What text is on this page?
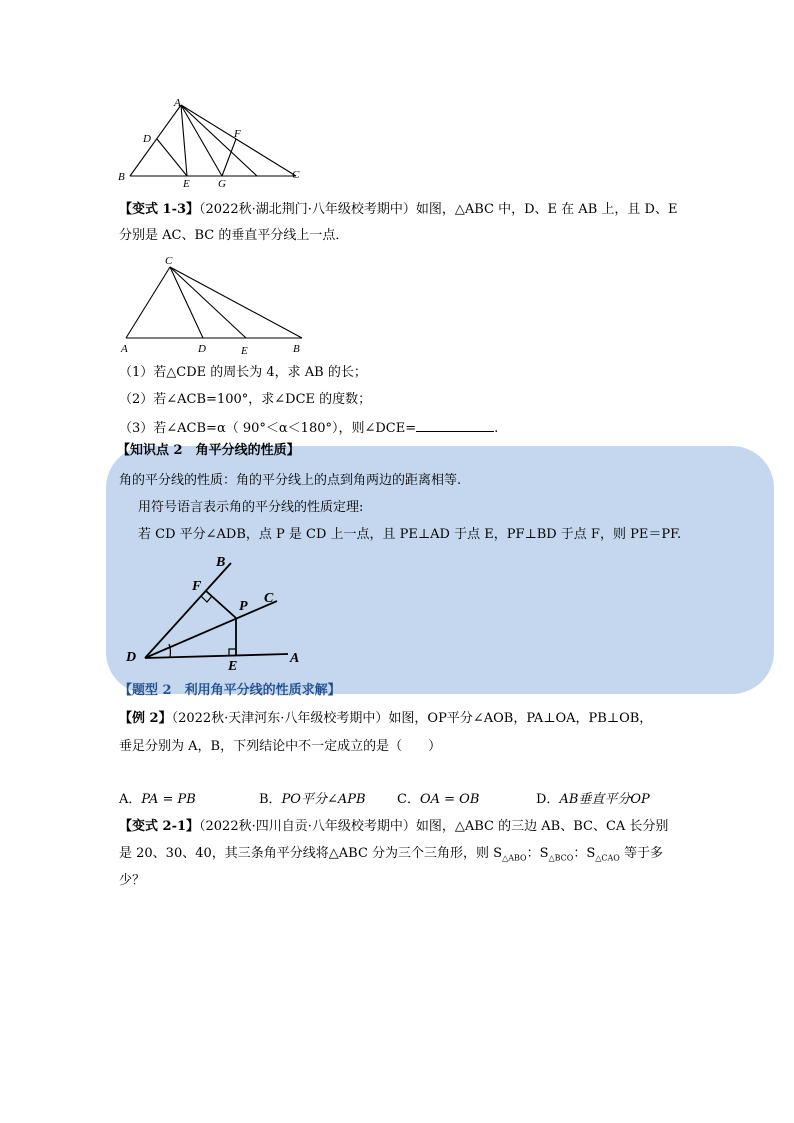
A
B	C
D
E
F
G
【变式 1-3】（2022秋·湖北荆门·八年级校考期中）如图，△ABC 中，D、E 在 AB 上，且 D、E
分别是 AC、BC 的垂直平分线上一点．
C
A	D	E	B
（1）若△CDE 的周长为 4，求 AB 的长；
（2）若∠ACB=100°，求∠DCE 的度数；
（3）若∠ACB=α（ 90°＜α＜180°），则∠DCE=	.
【知识点 2　角平分线的性质】
角的平分线的性质：角的平分线上的点到角两边的距离相等.
用符号语言表示角的平分线的性质定理:
若 CD 平分∠ADB，点 P 是 CD 上一点，且 PE⊥AD 于点 E，PF⊥BD 于点 F，则 PE＝PF.
B
F
P
C
D
E
A
【题型 2　利用角平分线的性质求解】
【例 2】（2022秋·天津河东·八年级校考期中）如图，OP平分∠AOB，PA⊥OA，PB⊥OB，
垂足分别为 A，B，下列结论中不一定成立的是（　　）
A．PA = PB	B．PO平分∠APB C．OA = OB	D．AB垂直平分OP
【变式 2-1】（2022秋·四川自贡·八年级校考期中）如图，△ABC 的三边 AB、BC、CA 长分别
是 20、30、40，其三条角平分线将△ABC 分为三个三角形，则 $S_{\triangle ABO}$：$S_{\triangle BCO}$：$S_{\triangle CAO}$ 等于多
少？
